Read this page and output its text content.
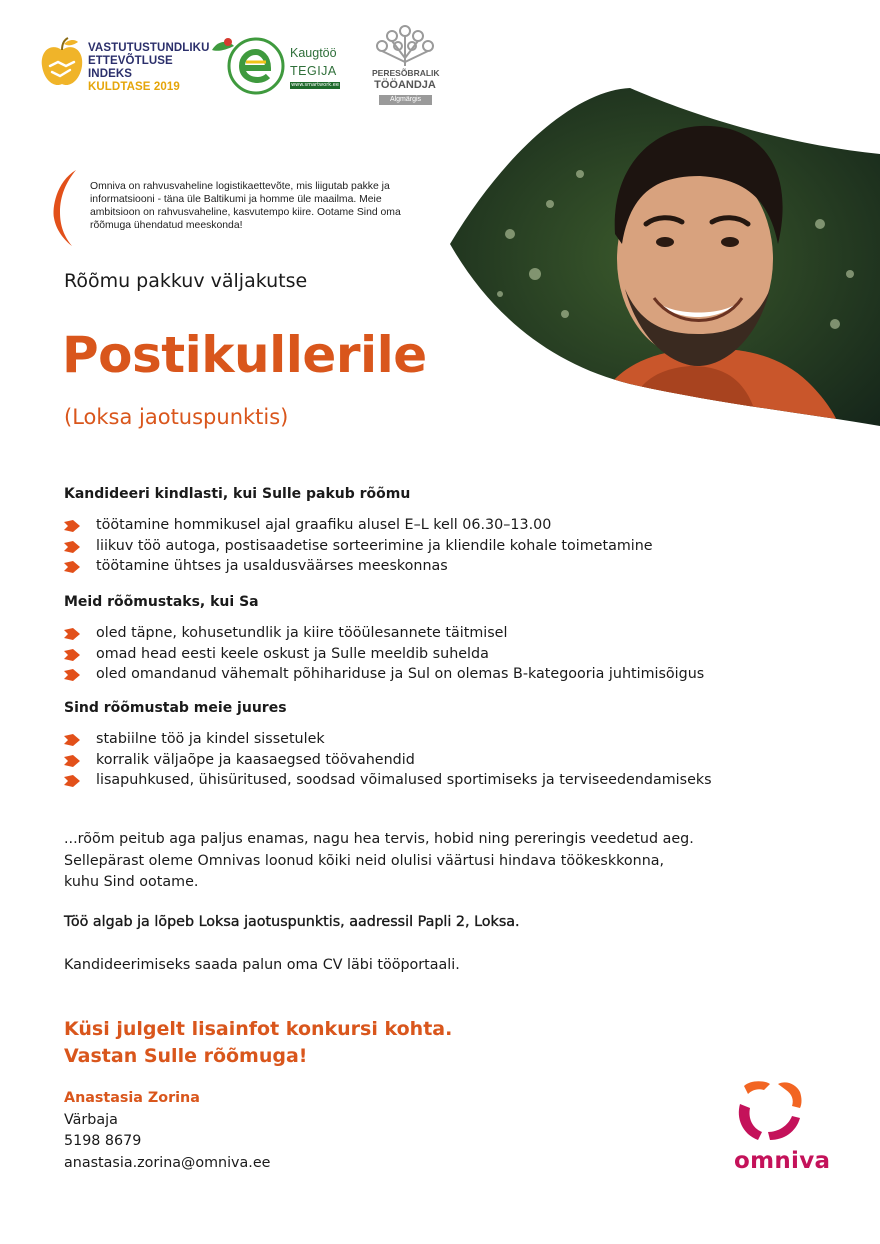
VASTUTUSTUNDLIKU
ETTEVÕTLUSE INDEKS
KULDTASE 2019
Kaugtöö
TEGIJA
www.smartwork.ee
PERESÕBRALIK
TÖÖANDJA
Algmärgis
Omniva on rahvusvaheline logistikaettevõte, mis liigutab pakke ja informatsiooni - täna üle Baltikumi ja homme üle maailma. Meie ambitsioon on rahvusvaheline, kasvutempo kiire. Ootame Sind oma rõõmuga ühendatud meeskonda!
Rõõmu pakkuv väljakutse
Postikullerile
(Loksa jaotuspunktis)
Kandideeri kindlasti, kui Sulle pakub rõõmu
töötamine hommikusel ajal graafiku alusel E–L kell 06.30–13.00
liikuv töö autoga, postisaadetise sorteerimine ja kliendile kohale toimetamine
töötamine ühtses ja usaldusväärses meeskonnas
Meid rõõmustaks, kui Sa
oled täpne, kohusetundlik ja kiire tööülesannete täitmisel
omad head eesti keele oskust ja Sulle meeldib suhelda
oled omandanud vähemalt põhihariduse ja Sul on olemas B-kategooria juhtimisõigus
Sind rõõmustab meie juures
stabiilne töö ja kindel sissetulek
korralik väljaõpe ja kaasaegsed töövahendid
lisapuhkused, ühisüritused, soodsad võimalused sportimiseks ja terviseedendamiseks
...rõõm peitub aga paljus enamas, nagu hea tervis, hobid ning pereringis veedetud aeg.
Sellepärast oleme Omnivas loonud kõiki neid olulisi väärtusi hindava töökeskkonna,
kuhu Sind ootame.
Töö algab ja lõpeb Loksa jaotuspunktis, aadressil Papli 2, Loksa.
Kandideerimiseks saada palun oma CV läbi tööportaali.
Küsi julgelt lisainfot konkursi kohta.
Vastan Sulle rõõmuga!
Anastasia Zorina
Värbaja
5198 8679
anastasia.zorina@omniva.ee	omniva
